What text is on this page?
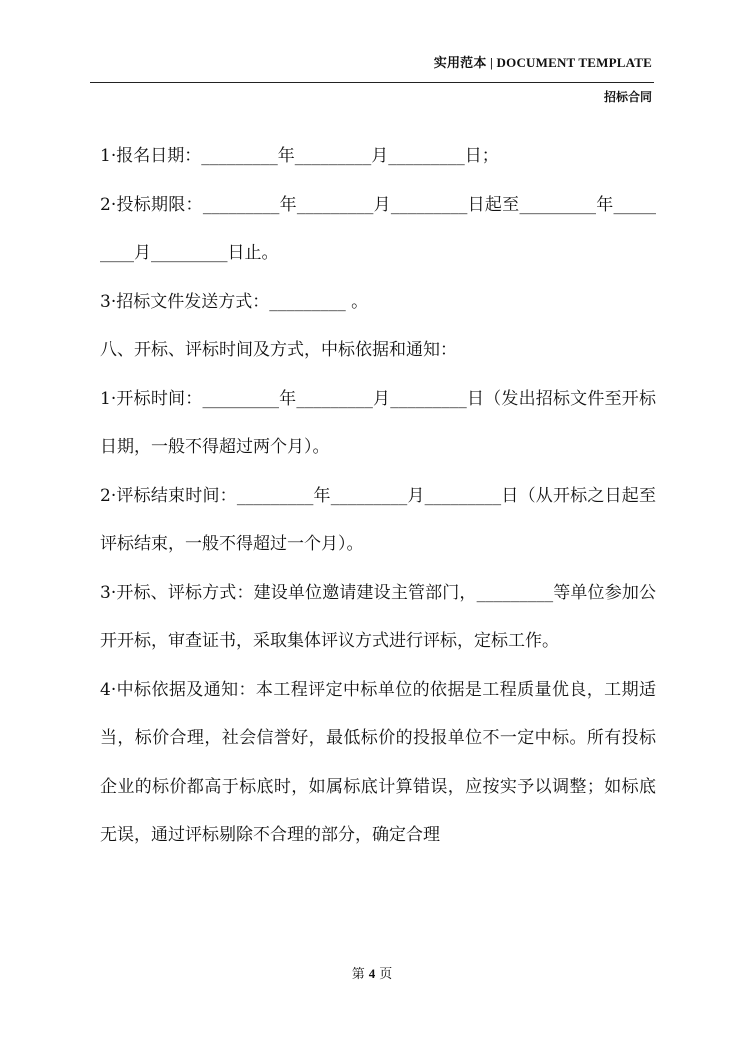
实用范本 | DOCUMENT TEMPLATE
招标合同

1·报名日期：_________年_________月_________日；

2·投标期限：_________年_________月_________日起至_________年_________月_________日止。

3·招标文件发送方式：_________ 。

八、开标、评标时间及方式，中标依据和通知：

1·开标时间：_________年_________月_________日（发出招标文件至开标日期，一般不得超过两个月）。

2·评标结束时间：_________年_________月_________日（从开标之日起至评标结束，一般不得超过一个月）。

3·开标、评标方式：建设单位邀请建设主管部门，_________等单位参加公开开标，审查证书，采取集体评议方式进行评标，定标工作。

4·中标依据及通知：本工程评定中标单位的依据是工程质量优良，工期适当，标价合理，社会信誉好，最低标价的投报单位不一定中标。所有投标企业的标价都高于标底时，如属标底计算错误，应按实予以调整；如标底无误，通过评标剔除不合理的部分，确定合理

第 4 页
